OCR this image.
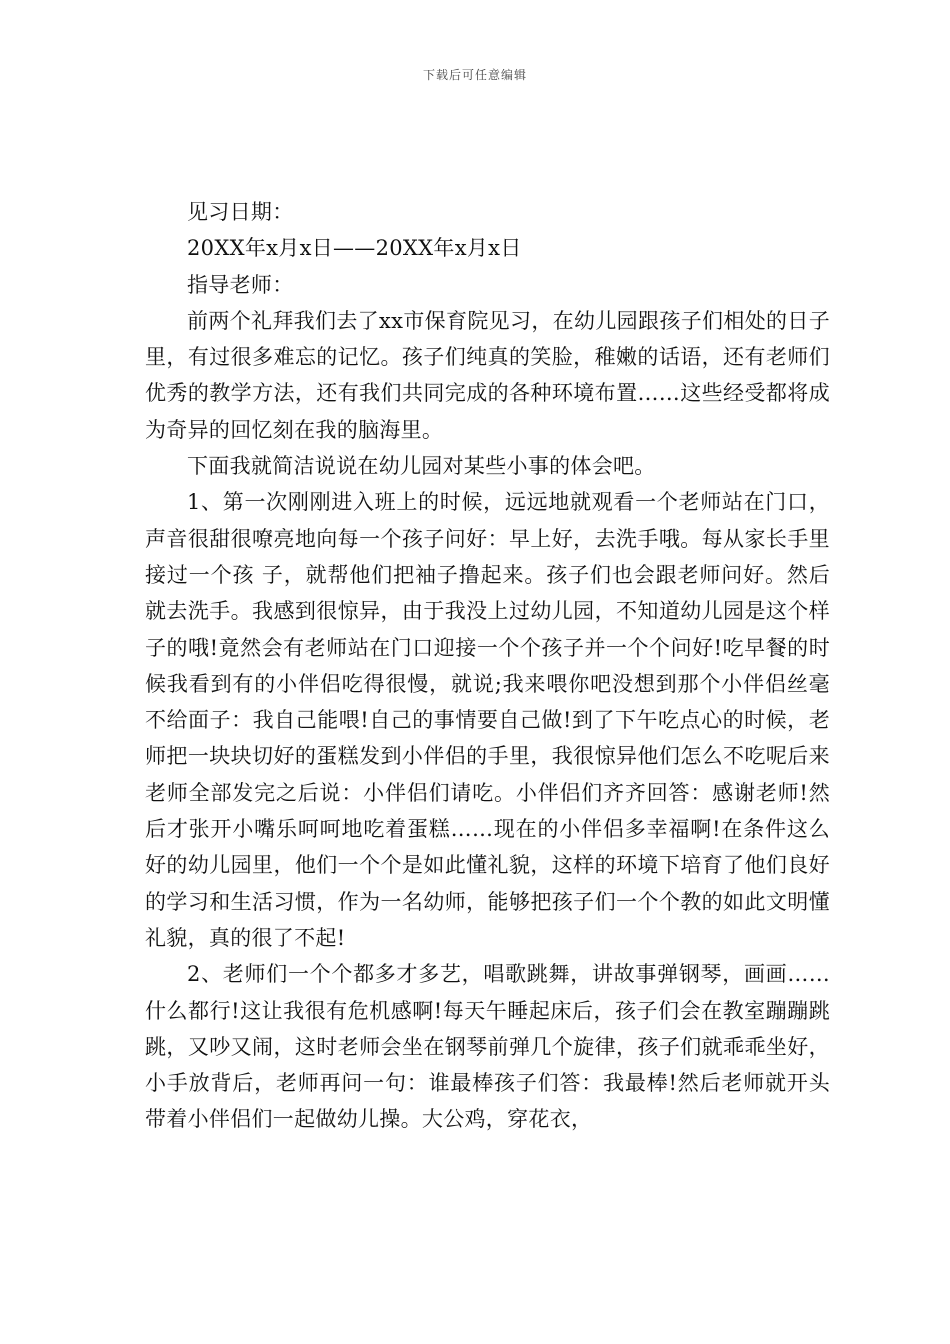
下载后可任意编辑

见习日期：

20XX年x月x日——20XX年x月x日

指导老师：

前两个礼拜我们去了xx市保育院见习，在幼儿园跟孩子们相处的日子里，有过很多难忘的记忆。孩子们纯真的笑脸，稚嫩的话语，还有老师们优秀的教学方法，还有我们共同完成的各种环境布置……这些经受都将成为奇异的回忆刻在我的脑海里。

下面我就简洁说说在幼儿园对某些小事的体会吧。

1、第一次刚刚进入班上的时候，远远地就观看一个老师站在门口，声音很甜很嘹亮地向每一个孩子问好：早上好，去洗手哦。每从家长手里接过一个孩 子，就帮他们把袖子撸起来。孩子们也会跟老师问好。然后就去洗手。我感到很惊异，由于我没上过幼儿园，不知道幼儿园是这个样子的哦!竟然会有老师站在门口迎接一个个孩子并一个个问好!吃早餐的时候我看到有的小伴侣吃得很慢，就说;我来喂你吧没想到那个小伴侣丝毫不给面子：我自己能喂!自己的事情要自己做!到了下午吃点心的时候，老师把一块块切好的蛋糕发到小伴侣的手里，我很惊异他们怎么不吃呢后来老师全部发完之后说：小伴侣们请吃。小伴侣们齐齐回答：感谢老师!然后才张开小嘴乐呵呵地吃着蛋糕……现在的小伴侣多幸福啊!在条件这么好的幼儿园里，他们一个个是如此懂礼貌，这样的环境下培育了他们良好的学习和生活习惯，作为一名幼师，能够把孩子们一个个教的如此文明懂礼貌，真的很了不起!

2、老师们一个个都多才多艺，唱歌跳舞，讲故事弹钢琴，画画……什么都行!这让我很有危机感啊!每天午睡起床后，孩子们会在教室蹦蹦跳跳，又吵又闹，这时老师会坐在钢琴前弹几个旋律，孩子们就乖乖坐好，小手放背后，老师再问一句：谁最棒孩子们答：我最棒!然后老师就开头带着小伴侣们一起做幼儿操。大公鸡，穿花衣，
